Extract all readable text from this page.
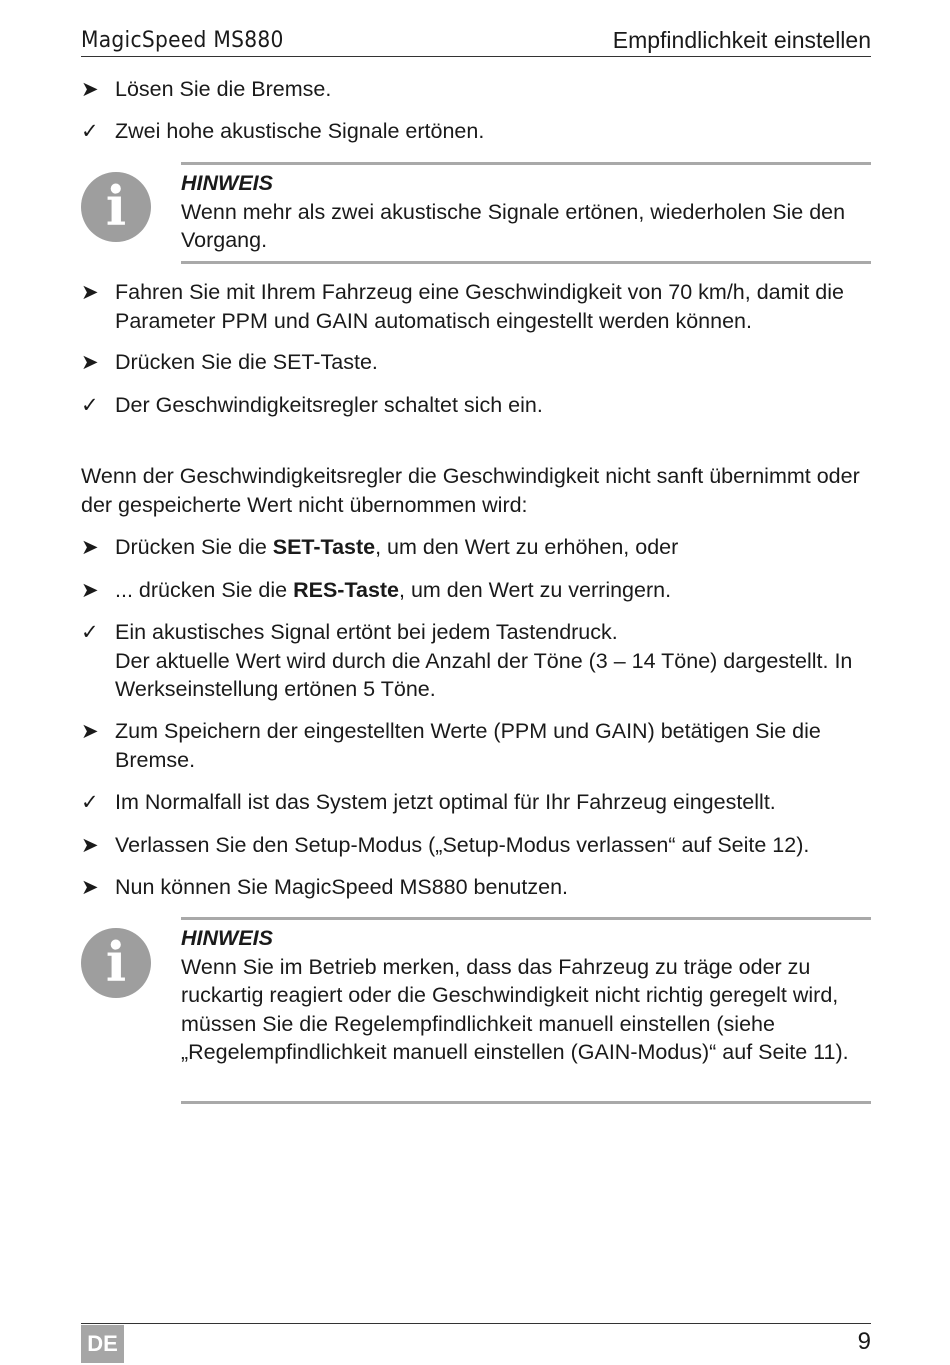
MagicSpeed MS880	Empfindlichkeit einstellen
➤ Lösen Sie die Bremse.
✓ Zwei hohe akustische Signale ertönen.
i	HINWEIS
Wenn mehr als zwei akustische Signale ertönen, wiederholen Sie den Vorgang.
➤ Fahren Sie mit Ihrem Fahrzeug eine Geschwindigkeit von 70 km/h, damit die Parameter PPM und GAIN automatisch eingestellt werden können.
➤ Drücken Sie die SET-Taste.
✓ Der Geschwindigkeitsregler schaltet sich ein.
Wenn der Geschwindigkeitsregler die Geschwindigkeit nicht sanft übernimmt oder der gespeicherte Wert nicht übernommen wird:
➤ Drücken Sie die SET-Taste, um den Wert zu erhöhen, oder
➤ ... drücken Sie die RES-Taste, um den Wert zu verringern.
✓ Ein akustisches Signal ertönt bei jedem Tastendruck.
Der aktuelle Wert wird durch die Anzahl der Töne (3 – 14 Töne) dargestellt. In Werkseinstellung ertönen 5 Töne.
➤ Zum Speichern der eingestellten Werte (PPM und GAIN) betätigen Sie die Bremse.
✓ Im Normalfall ist das System jetzt optimal für Ihr Fahrzeug eingestellt.
➤ Verlassen Sie den Setup-Modus („Setup-Modus verlassen“ auf Seite 12).
➤ Nun können Sie MagicSpeed MS880 benutzen.
i	HINWEIS
Wenn Sie im Betrieb merken, dass das Fahrzeug zu träge oder zu ruckartig reagiert oder die Geschwindigkeit nicht richtig geregelt wird, müssen Sie die Regelempfindlichkeit manuell einstellen (siehe „Regelempfindlichkeit manuell einstellen (GAIN-Modus)“ auf Seite 11).
DE	9
